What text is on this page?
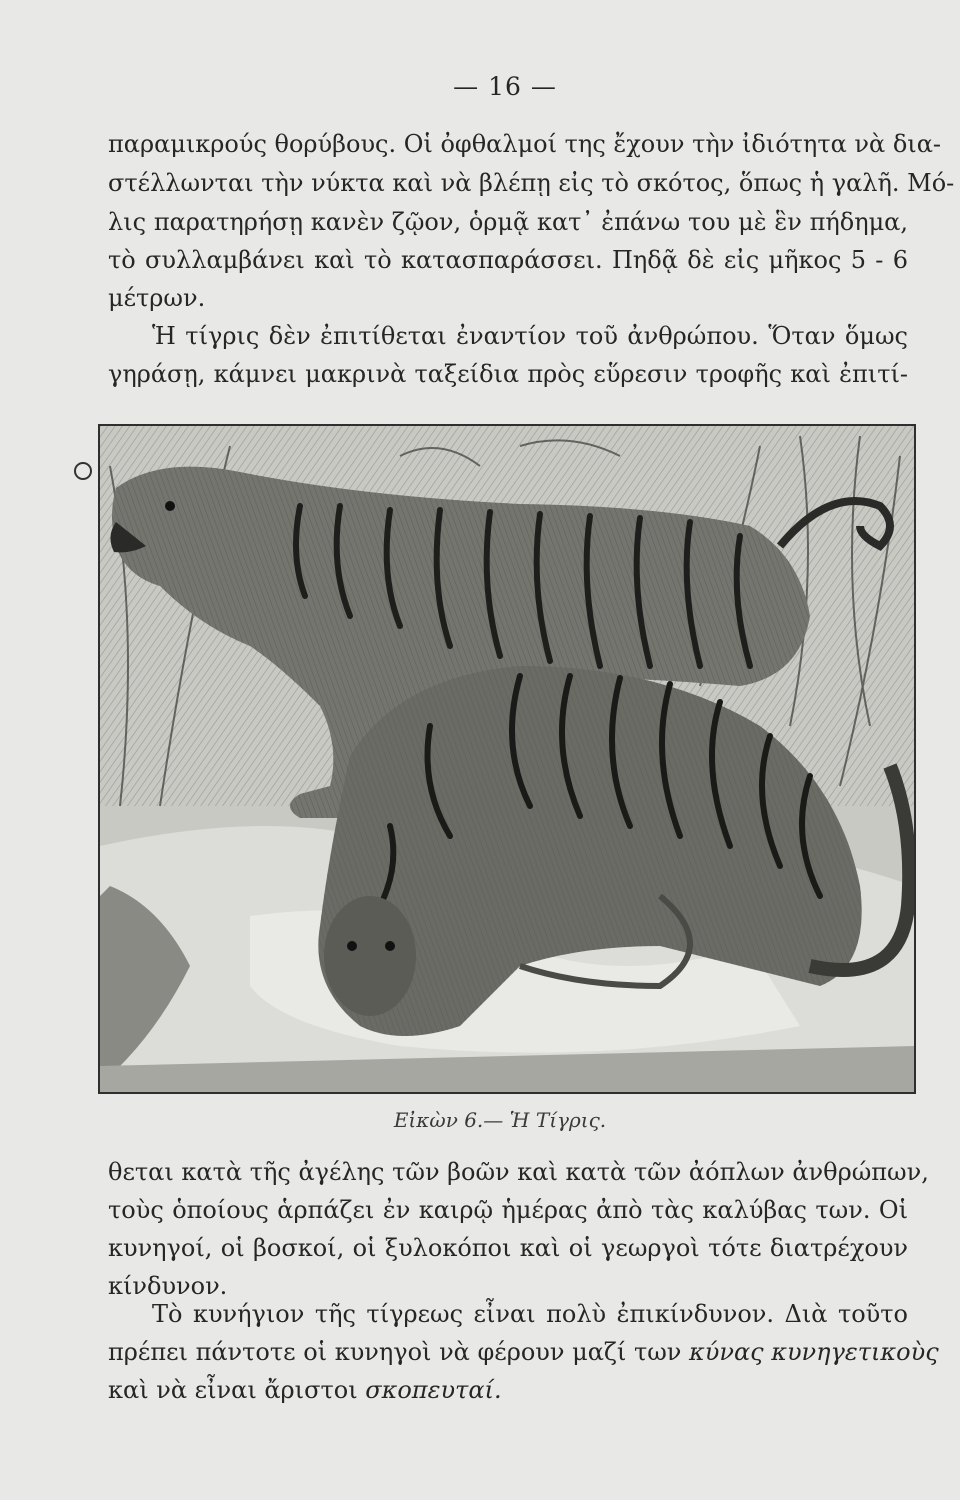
— 16 —

παραμικρούς θορύβους. Οἱ ὀφθαλμοί της ἔχουν τὴν ἰδιότητα νὰ δια-

στέλλωνται τὴν νύκτα καὶ νὰ βλέπῃ εἰς τὸ σκότος, ὅπως ἡ γαλῆ. Μό-

λις παρατηρήσῃ κανὲν ζῷον, ὁρμᾷ κατ᾽ ἐπάνω του μὲ ἓν πήδημα,

τὸ συλλαμβάνει καὶ τὸ κατασπαράσσει. Πηδᾷ δὲ εἰς μῆκος 5 - 6

μέτρων.

Ἡ τίγρις δὲν ἐπιτίθεται ἐναντίον τοῦ ἀνθρώπου. Ὅταν ὅμως

γηράσῃ, κάμνει μακρινὰ ταξείδια πρὸς εὕρεσιν τροφῆς καὶ ἐπιτί-

Εἰκὼν 6.— Ἡ Τίγρις.

θεται κατὰ τῆς ἀγέλης τῶν βοῶν καὶ κατὰ τῶν ἀόπλων ἀνθρώπων,

τοὺς ὁποίους ἁρπάζει ἐν καιρῷ ἡμέρας ἀπὸ τὰς καλύβας των. Οἱ

κυνηγοί, οἱ βοσκοί, οἱ ξυλοκόποι καὶ οἱ γεωργοὶ τότε διατρέχουν

κίνδυνον.

Τὸ κυνήγιον τῆς τίγρεως εἶναι πολὺ ἐπικίνδυνον. Διὰ τοῦτο

πρέπει πάντοτε οἱ κυνηγοὶ νὰ φέρουν μαζί των κύνας κυνηγετικοὺς

καὶ νὰ εἶναι ἄριστοι σκοπευταί.
